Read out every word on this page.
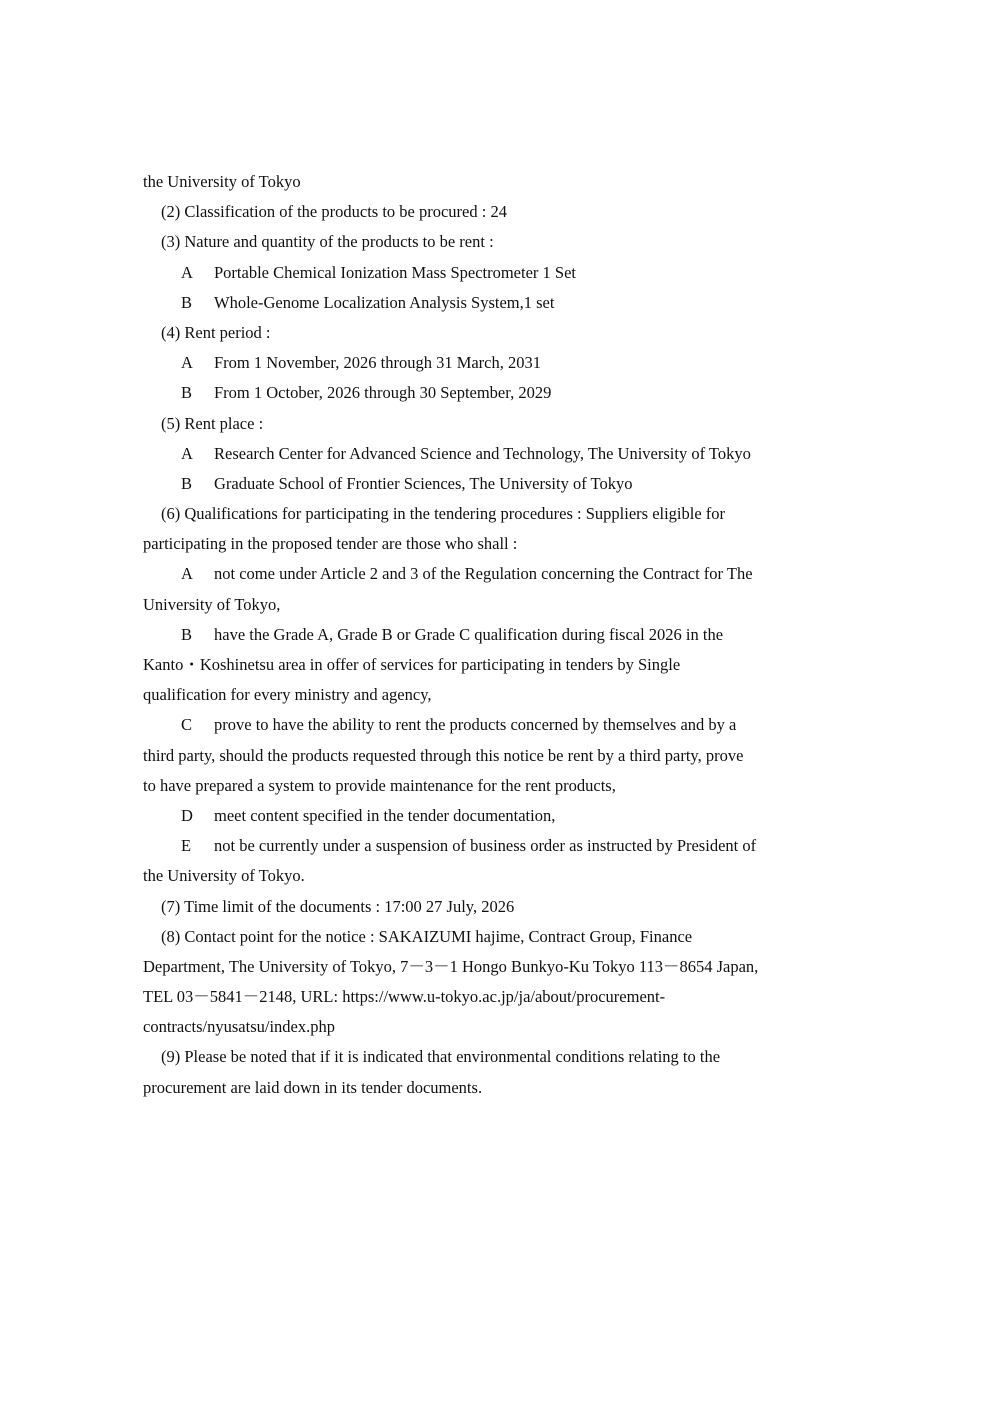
the University of Tokyo
(2) Classification of the products to be procured : 24
(3) Nature and quantity of the products to be rent :
A Portable Chemical Ionization Mass Spectrometer 1 Set
B Whole-Genome Localization Analysis System,1 set
(4) Rent period :
A From 1 November, 2026 through 31 March, 2031
B From 1 October, 2026 through 30 September, 2029
(5) Rent place :
A Research Center for Advanced Science and Technology, The University of Tokyo
B Graduate School of Frontier Sciences, The University of Tokyo
(6) Qualifications for participating in the tendering procedures : Suppliers eligible for
participating in the proposed tender are those who shall :
A not come under Article 2 and 3 of the Regulation concerning the Contract for The
University of Tokyo,
B have the Grade A, Grade B or Grade C qualification during fiscal 2026 in the
Kanto・Koshinetsu area in offer of services for participating in tenders by Single
qualification for every ministry and agency,
C prove to have the ability to rent the products concerned by themselves and by a
third party, should the products requested through this notice be rent by a third party, prove
to have prepared a system to provide maintenance for the rent products,
D meet content specified in the tender documentation,
E not be currently under a suspension of business order as instructed by President of
the University of Tokyo.
(7) Time limit of the documents : 17:00 27 July, 2026
(8) Contact point for the notice : SAKAIZUMI hajime, Contract Group, Finance
Department, The University of Tokyo, 7－3－1 Hongo Bunkyo-Ku Tokyo 113－8654 Japan,
TEL 03－5841－2148, URL: https://www.u-tokyo.ac.jp/ja/about/procurement-
contracts/nyusatsu/index.php
(9) Please be noted that if it is indicated that environmental conditions relating to the
procurement are laid down in its tender documents.
